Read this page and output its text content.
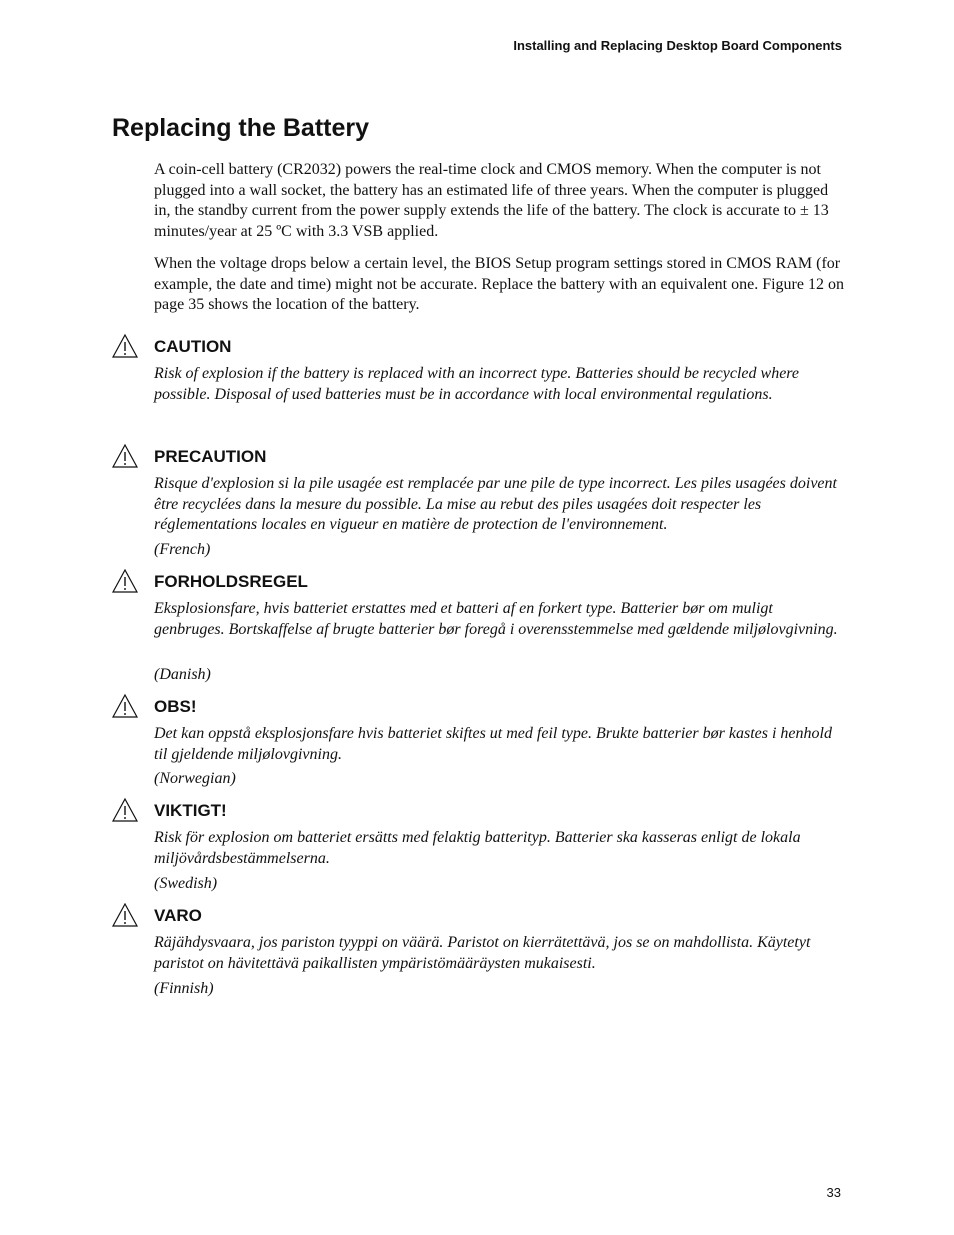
Installing and Replacing Desktop Board Components
Replacing the Battery

A coin-cell battery (CR2032) powers the real-time clock and CMOS memory. When the computer is not plugged into a wall socket, the battery has an estimated life of three years. When the computer is plugged in, the standby current from the power supply extends the life of the battery. The clock is accurate to ± 13 minutes/year at 25 ºC with 3.3 VSB applied.

When the voltage drops below a certain level, the BIOS Setup program settings stored in CMOS RAM (for example, the date and time) might not be accurate. Replace the battery with an equivalent one. Figure 12 on page 35 shows the location of the battery.

CAUTION

Risk of explosion if the battery is replaced with an incorrect type. Batteries should be recycled where possible. Disposal of used batteries must be in accordance with local environmental regulations.

PRECAUTION

Risque d'explosion si la pile usagée est remplacée par une pile de type incorrect. Les piles usagées doivent être recyclées dans la mesure du possible. La mise au rebut des piles usagées doit respecter les réglementations locales en vigueur en matière de protection de l'environnement.

(French)

FORHOLDSREGEL

Eksplosionsfare, hvis batteriet erstattes med et batteri af en forkert type. Batterier bør om muligt genbruges. Bortskaffelse af brugte batterier bør foregå i overensstemmelse med gældende miljølovgivning.

(Danish)

OBS!

Det kan oppstå eksplosjonsfare hvis batteriet skiftes ut med feil type. Brukte batterier bør kastes i henhold til gjeldende miljølovgivning.

(Norwegian)

VIKTIGT!

Risk för explosion om batteriet ersätts med felaktig batterityp. Batterier ska kasseras enligt de lokala miljövårdsbestämmelserna.

(Swedish)

VARO

Räjähdysvaara, jos pariston tyyppi on väärä. Paristot on kierrätettävä, jos se on mahdollista. Käytetyt paristot on hävitettävä paikallisten ympäristömääräysten mukaisesti.

(Finnish)

33
